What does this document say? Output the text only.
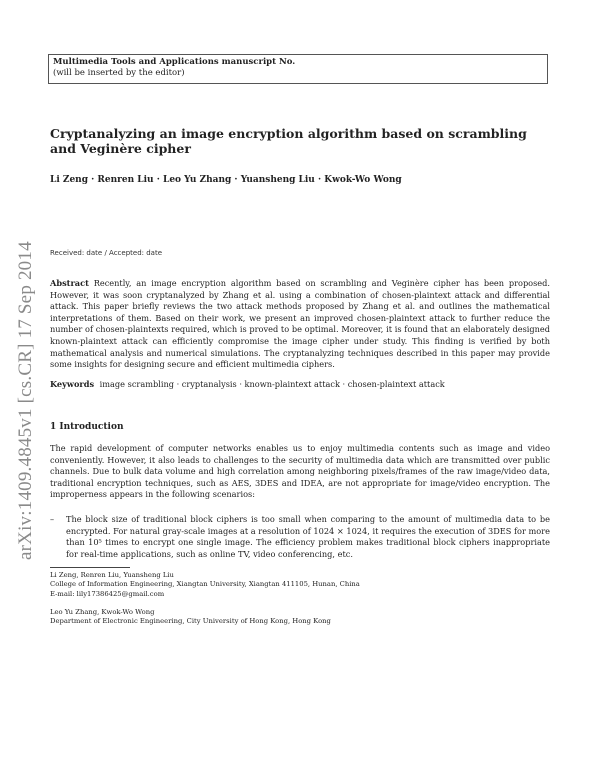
arXiv:1409.4845v1 [cs.CR] 17 Sep 2014
Multimedia Tools and Applications manuscript No.
(will be inserted by the editor)
Cryptanalyzing an image encryption algorithm based on scrambling and Veginère cipher
Li Zeng · Renren Liu · Leo Yu Zhang · Yuansheng Liu · Kwok-Wo Wong
Received: date / Accepted: date
Abstract Recently, an image encryption algorithm based on scrambling and Veginère cipher has been proposed. However, it was soon cryptanalyzed by Zhang et al. using a combination of chosen-plaintext attack and differential attack. This paper briefly reviews the two attack methods proposed by Zhang et al. and outlines the mathematical interpretations of them. Based on their work, we present an improved chosen-plaintext attack to further reduce the number of chosen-plaintexts required, which is proved to be optimal. Moreover, it is found that an elaborately designed known-plaintext attack can efficiently compromise the image cipher under study. This finding is verified by both mathematical analysis and numerical simulations. The cryptanalyzing techniques described in this paper may provide some insights for designing secure and efficient multimedia ciphers.
Keywords image scrambling · cryptanalysis · known-plaintext attack · chosen-plaintext attack
1 Introduction
The rapid development of computer networks enables us to enjoy multimedia contents such as image and video conveniently. However, it also leads to challenges to the security of multimedia data which are transmitted over public channels. Due to bulk data volume and high correlation among neighboring pixels/frames of the raw image/video data, traditional encryption techniques, such as AES, 3DES and IDEA, are not appropriate for image/video encryption. The improperness appears in the following scenarios:
–	The block size of traditional block ciphers is too small when comparing to the amount of multimedia data to be encrypted. For natural gray-scale images at a resolution of 1024 × 1024, it requires the execution of 3DES for more than 10⁵ times to encrypt one single image. The efficiency problem makes traditional block ciphers inappropriate for real-time applications, such as online TV, video conferencing, etc.
Li Zeng, Renren Liu, Yuansheng Liu
College of Information Engineering, Xiangtan University, Xiangtan 411105, Hunan, China
E-mail: lily17386425@gmail.com
Leo Yu Zhang, Kwok-Wo Wong
Department of Electronic Engineering, City University of Hong Kong, Hong Kong
